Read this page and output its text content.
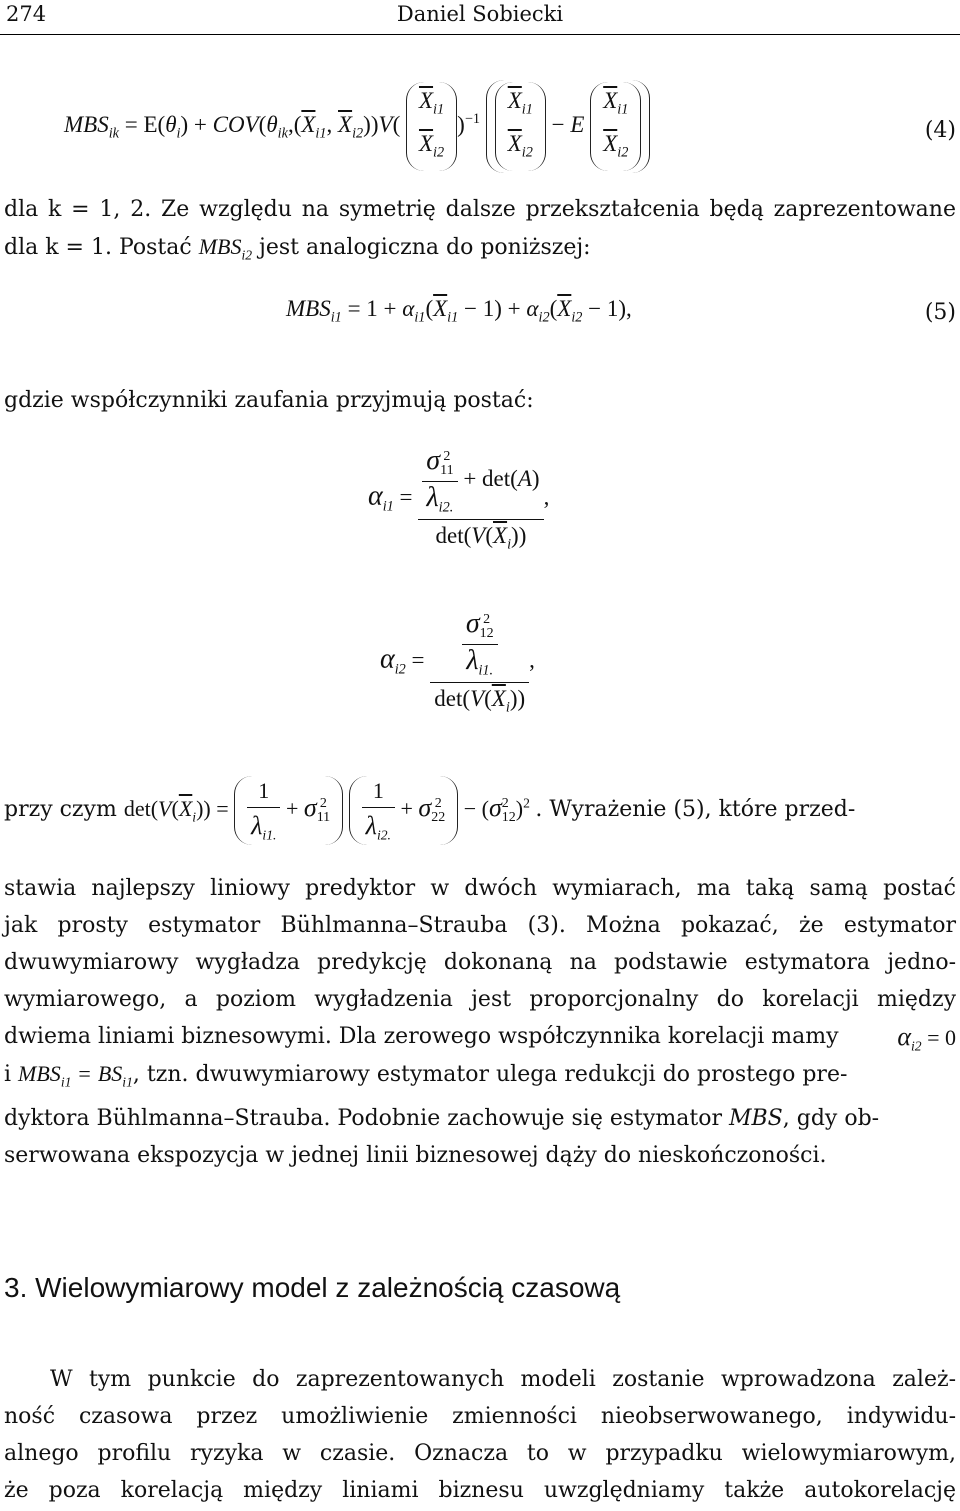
274	Daniel Sobiecki
$MBS_{ik} = E(\theta_i) + COV(\theta_{ik},(\overline{X}_{i1}$, $\overline{X}_{i2}))V$( $\overline{X}_{i1}$
$\overline{X}_{i2})^{-1}$ $\overline{X}_{i1}$
$\overline{X}_{i2} - E$ $\overline{X}_{i1}$
$\overline{X}_{i2}$
(4)
dla k = 1, 2. Ze względu na symetrię dalsze przekształcenia będą zaprezentowane
dla k = 1. Postać $MBS_{i2}$ jest analogiczna do poniższej:
$MBS_{i1} = 1 + \alpha_{i1}(\overline{X}_{i1} - 1) + \alpha_{i2}(\overline{X}_{i2} - 1)$,	(5)
gdzie współczynniki zaufania przyjmują postać:
$\alpha_{i1}$ =
σ 2
11
$\lambda_{i2.}$
+ det(A)
$\det(V(\overline{X}_i))$
,
$\alpha_{i2}$ =
σ 2
12
$\lambda_{i1.}$
$\det(V(\overline{X}_i))$
,
przy czym $\det(V(\overline{X}_i)) = \frac{1}{\lambda_{i1.}} + \sigma$ 2
$11 \frac{1}{\lambda_{i2.}} + \sigma$ 2
22 − (σ2
12)$^2$ . Wyrażenie (5), które przed-
stawia najlepszy liniowy predyktor w dwóch wymiarach, ma taką samą postać
jak prosty estymator Bühlmanna–Strauba (3). Można pokazać, że estymator
dwuwymiarowy wygładza predykcję dokonaną na podstawie estymatora jedno-
wymiarowego, a poziom wygładzenia jest proporcjonalny do korelacji między
dwiema liniami biznesowymi. Dla zerowego współczynnika korelacji mamy $\alpha_{i2} = 0$
i $MBS_{i1} = BS_{i1}$, tzn. dwuwymiarowy estymator ulega redukcji do prostego pre-
dyktora Bühlmanna–Strauba. Podobnie zachowuje się estymator MBS, gdy ob-
serwowana ekspozycja w jednej linii biznesowej dąży do nieskończoności.
3. Wielowymiarowy model z zależnością czasową
W tym punkcie do zaprezentowanych modeli zostanie wprowadzona zależ-
ność czasowa przez umożliwienie zmienności nieobserwowanego, indywidu-
alnego profilu ryzyka w czasie. Oznacza to w przypadku wielowymiarowym,
że poza korelacją między liniami biznesu uwzględniamy także autokorelację
